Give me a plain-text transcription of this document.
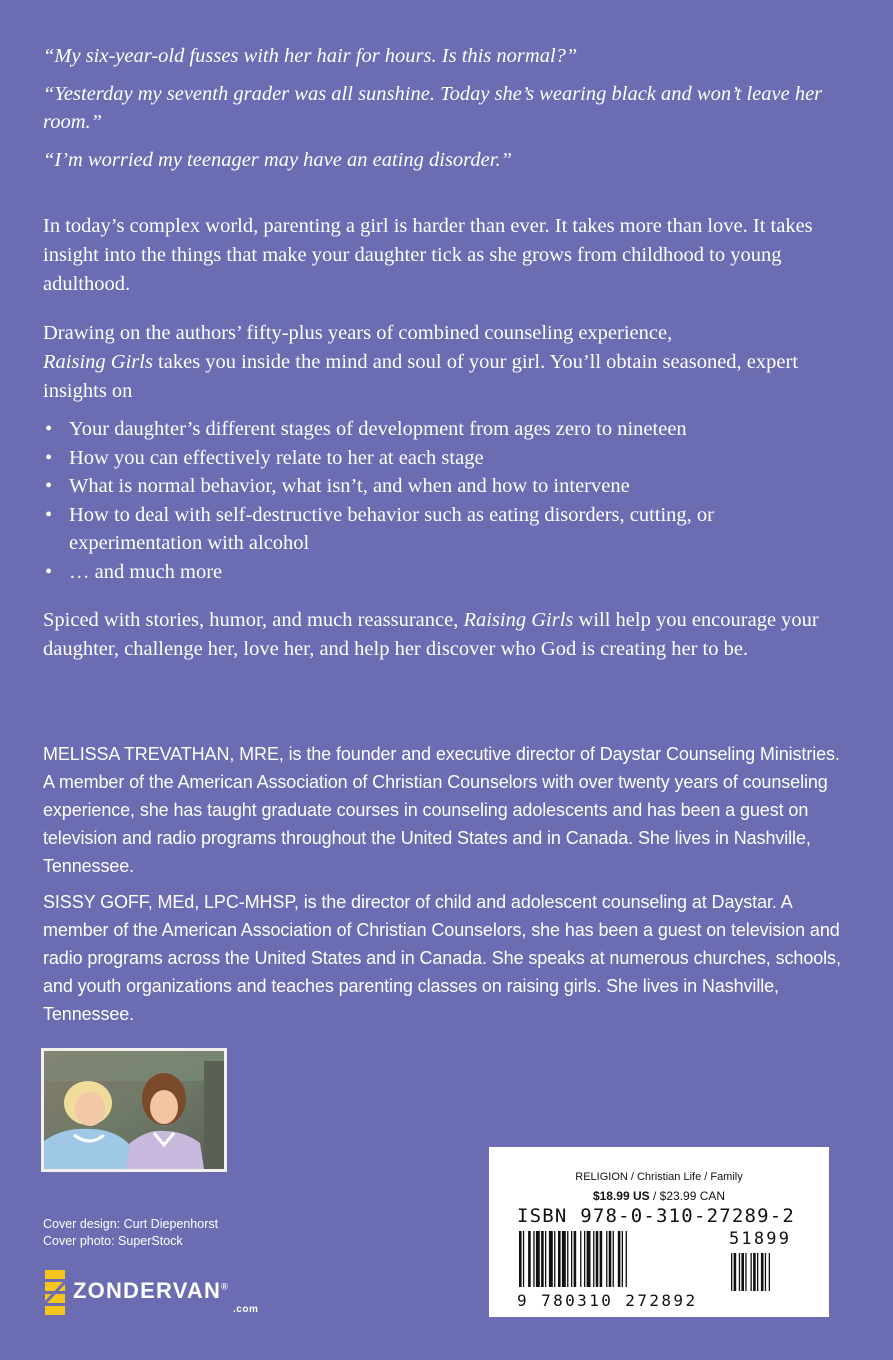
“My six-year-old fusses with her hair for hours. Is this normal?”

“Yesterday my seventh grader was all sunshine. Today she’s wearing black and won’t leave her room.”

“I’m worried my teenager may have an eating disorder.”

In today’s complex world, parenting a girl is harder than ever. It takes more than love. It takes insight into the things that make your daughter tick as she grows from childhood to young adulthood.

Drawing on the authors’ fifty-plus years of combined counseling experience,
Raising Girls takes you inside the mind and soul of your girl. You’ll obtain seasoned, expert insights on

• Your daughter’s different stages of development from ages zero to nineteen
• How you can effectively relate to her at each stage
• What is normal behavior, what isn’t, and when and how to intervene
• How to deal with self-destructive behavior such as eating disorders, cutting, or experimentation with alcohol
• … and much more

Spiced with stories, humor, and much reassurance, Raising Girls will help you encourage your daughter, challenge her, love her, and help her discover who God is creating her to be.

MELISSA TREVATHAN, MRE, is the founder and executive director of Daystar Counseling Ministries. A member of the American Association of Christian Counselors with over twenty years of counseling experience, she has taught graduate courses in counseling adolescents and has been a guest on television and radio programs throughout the United States and in Canada. She lives in Nashville, Tennessee.

SISSY GOFF, MEd, LPC-MHSP, is the director of child and adolescent counseling at Daystar. A member of the American Association of Christian Counselors, she has been a guest on television and radio programs across the United States and in Canada. She speaks at numerous churches, schools, and youth organizations and teaches parenting classes on raising girls. She lives in Nashville, Tennessee.

Cover design: Curt Diepenhorst
Cover photo: SuperStock
ZONDERVAN®
.com
RELIGION / Christian Life / Family
$18.99 US / $23.99 CAN
ISBN 978-0-310-27289-2
51899
9 780310 272892
